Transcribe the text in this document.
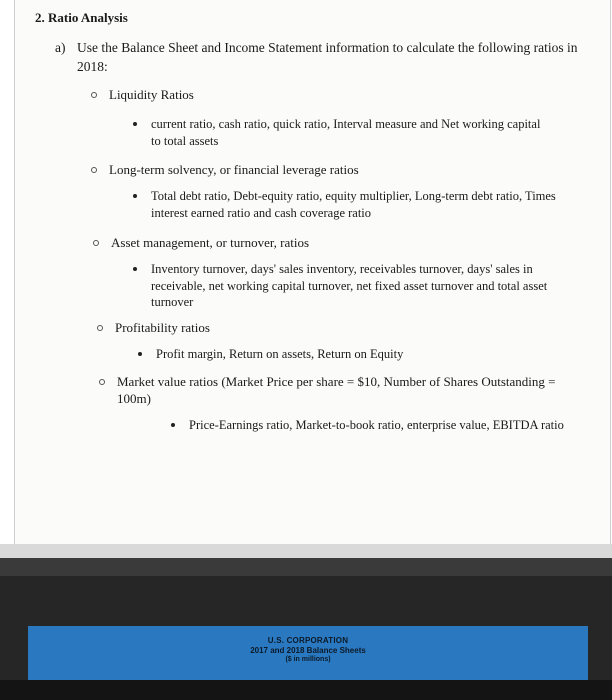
2. Ratio Analysis
a) Use the Balance Sheet and Income Statement information to calculate the following ratios in 2018:
Liquidity Ratios
current ratio, cash ratio, quick ratio, Interval measure and Net working capital to total assets
Long-term solvency, or financial leverage ratios
Total debt ratio, Debt-equity ratio, equity multiplier, Long-term debt ratio, Times interest earned ratio and cash coverage ratio
Asset management, or turnover, ratios
Inventory turnover, days' sales inventory, receivables turnover, days' sales in receivable, net working capital turnover, net fixed asset turnover and total asset turnover
Profitability ratios
Profit margin, Return on assets, Return on Equity
Market value ratios (Market Price per share = $10, Number of Shares Outstanding = 100m)
Price-Earnings ratio, Market-to-book ratio, enterprise value, EBITDA ratio
U.S. CORPORATION
2017 and 2018 Balance Sheets
($ in millions)
